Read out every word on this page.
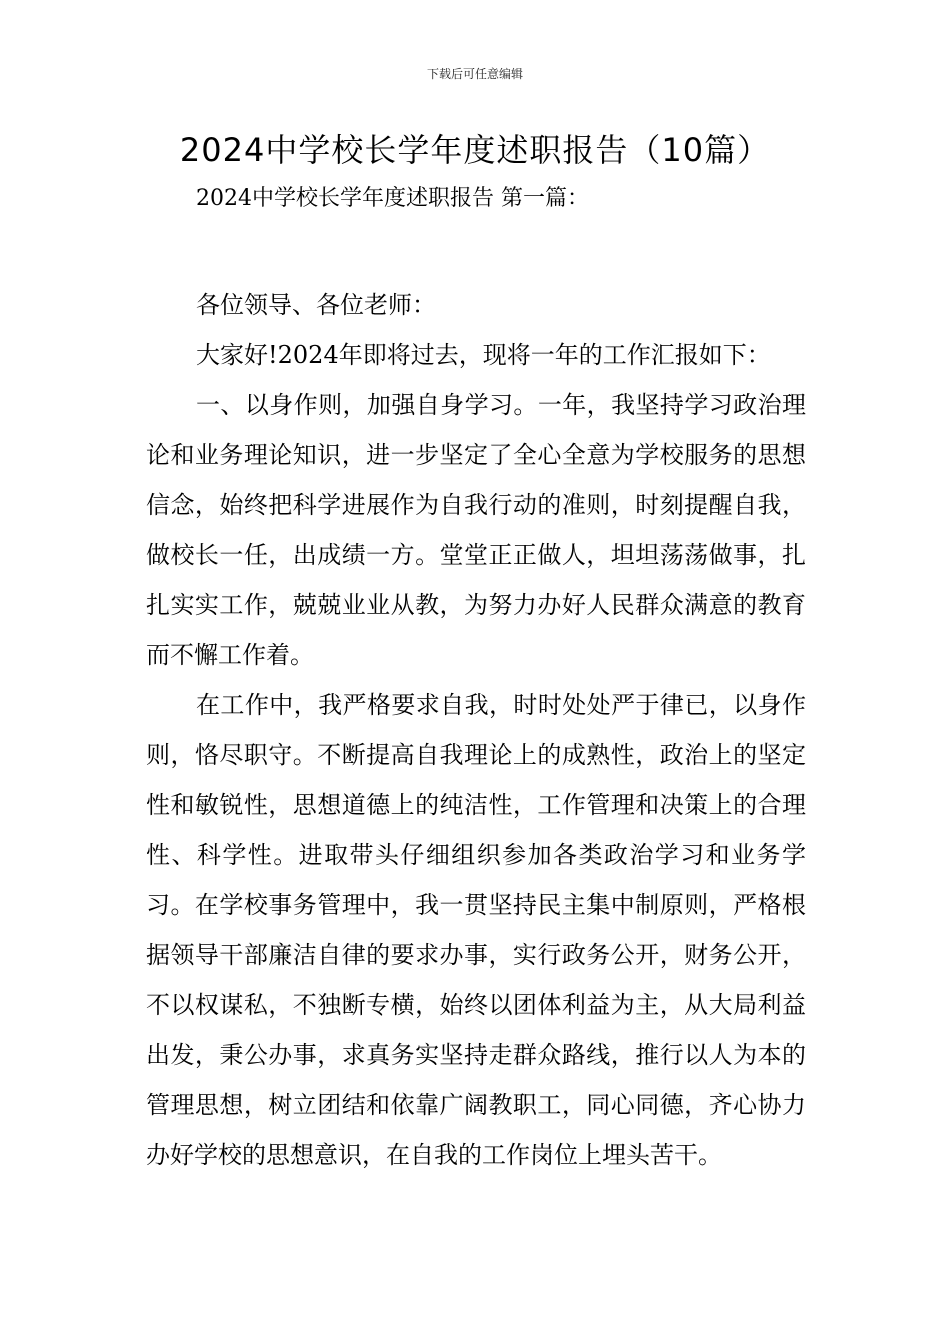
下载后可任意编辑
2024中学校长学年度述职报告（10篇）
2024中学校长学年度述职报告 第一篇：

各位领导、各位老师：

大家好!2024年即将过去，现将一年的工作汇报如下：

一、以身作则，加强自身学习。一年，我坚持学习政治理论和业务理论知识，进一步坚定了全心全意为学校服务的思想信念，始终把科学进展作为自我行动的准则，时刻提醒自我，做校长一任，出成绩一方。堂堂正正做人，坦坦荡荡做事，扎扎实实工作，兢兢业业从教，为努力办好人民群众满意的教育而不懈工作着。

在工作中，我严格要求自我，时时处处严于律已，以身作则，恪尽职守。不断提高自我理论上的成熟性，政治上的坚定性和敏锐性，思想道德上的纯洁性，工作管理和决策上的合理性、科学性。进取带头仔细组织参加各类政治学习和业务学习。在学校事务管理中，我一贯坚持民主集中制原则，严格根据领导干部廉洁自律的要求办事，实行政务公开，财务公开，不以权谋私，不独断专横，始终以团体利益为主，从大局利益出发，秉公办事，求真务实坚持走群众路线，推行以人为本的管理思想，树立团结和依靠广阔教职工，同心同德，齐心协力办好学校的思想意识，在自我的工作岗位上埋头苦干。
